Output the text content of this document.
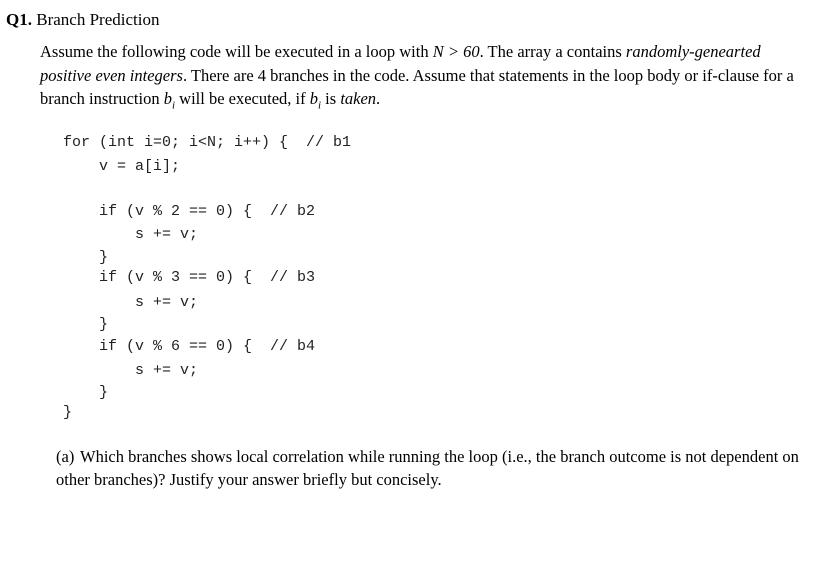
Q1. Branch Prediction
Assume the following code will be executed in a loop with N > 60. The array a contains randomly-genearted positive even integers. There are 4 branches in the code. Assume that statements in the loop body or if-clause for a branch instruction $b_i$ will be executed, if $b_i$ is taken.
for (int i=0; i<N; i++) {  // b1
v = a[i];
if (v % 2 == 0) {  // b2
s += v;
}
if (v % 3 == 0) {  // b3
s += v;
}
if (v % 6 == 0) {  // b4
s += v;
}
}
(a) Which branches shows local correlation while running the loop (i.e., the branch outcome is not dependent on other branches)? Justify your answer briefly but concisely.
